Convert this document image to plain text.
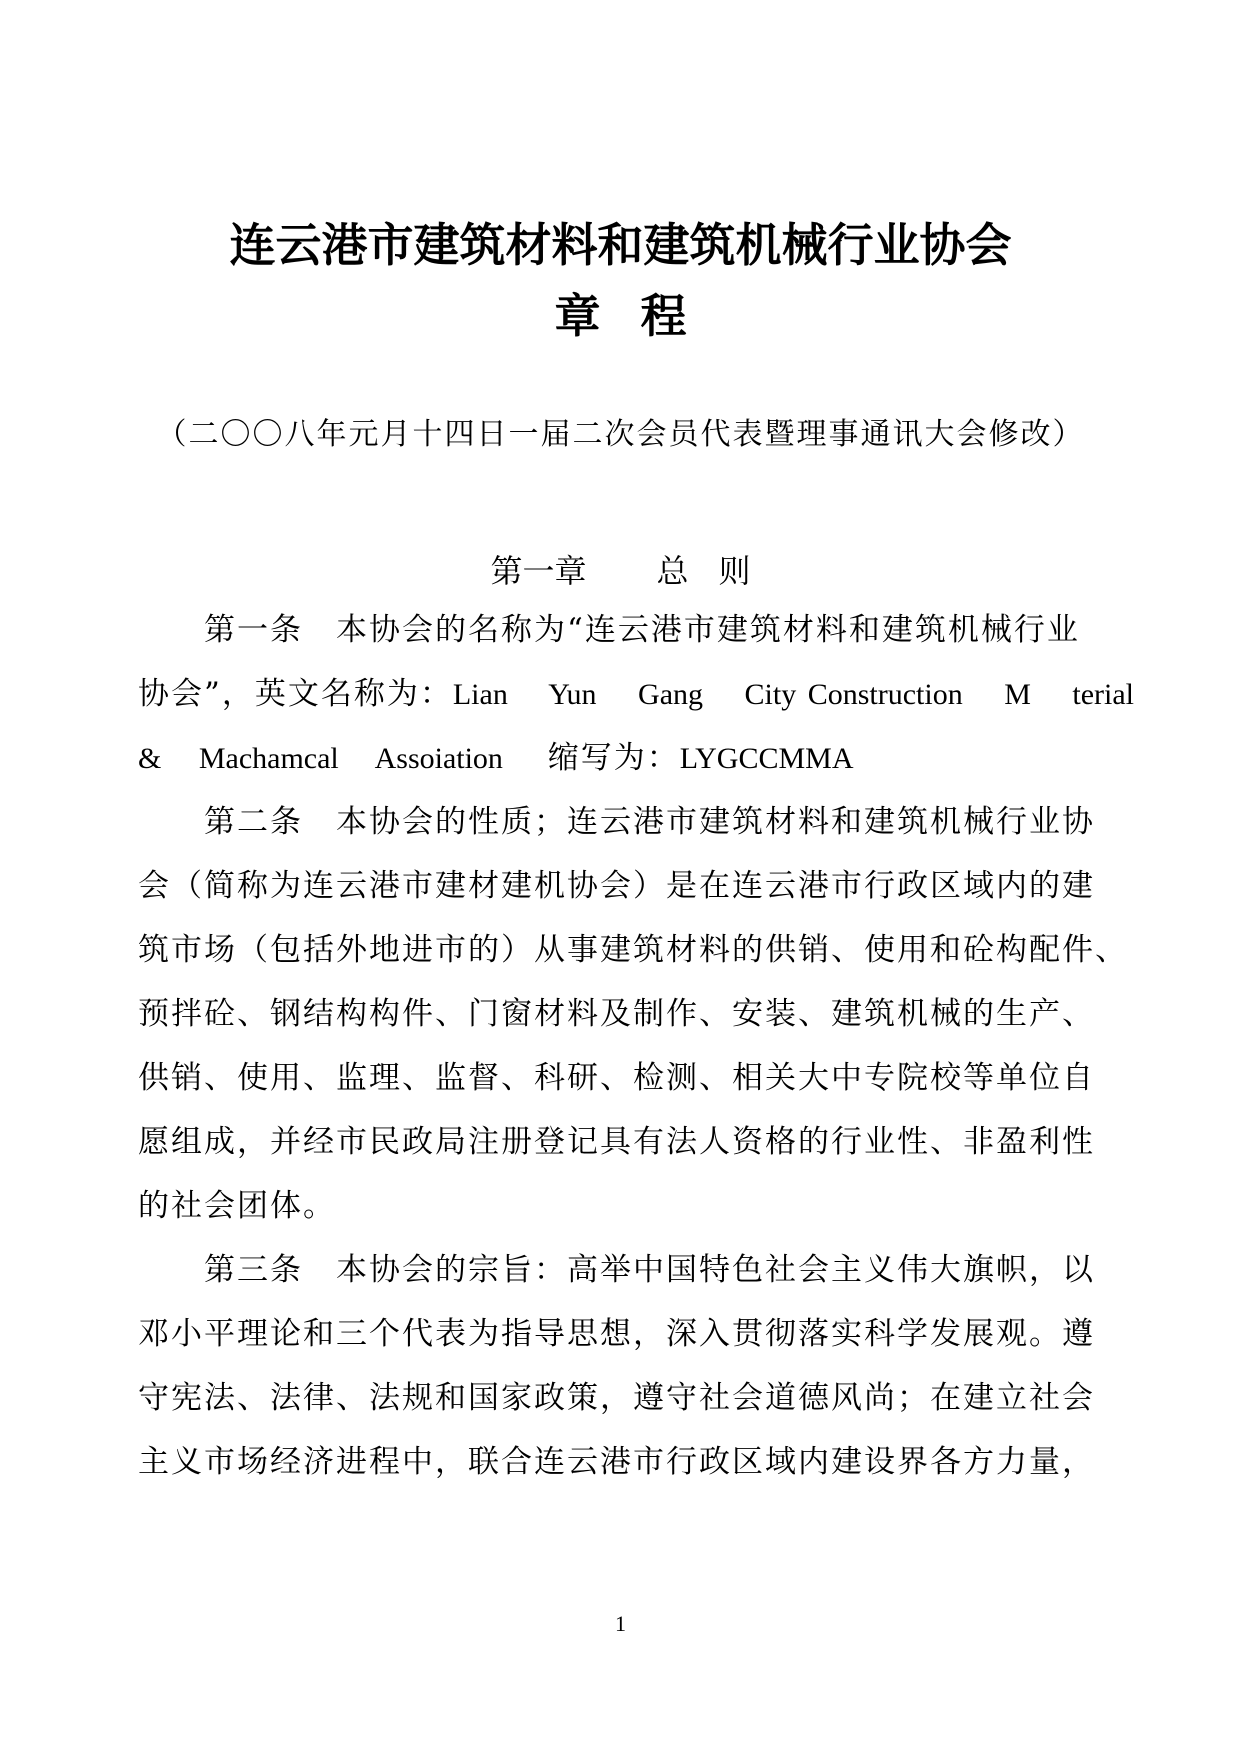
连云港市建筑材料和建筑机械行业协会
章程
（二〇〇八年元月十四日一届二次会员代表暨理事通讯大会修改）
第一章 总 则
第一条　本协会的名称为“连云港市建筑材料和建筑机械行业
协会”，英文名称为：Lian　 Yun　 Gang　 City Construction　 M　 terial
&　 Machamcal　 Assoiation　 缩写为：LYGCCMMA
第二条　本协会的性质；连云港市建筑材料和建筑机械行业协
会（简称为连云港市建材建机协会）是在连云港市行政区域内的建
筑市场（包括外地进市的）从事建筑材料的供销、使用和砼构配件、
预拌砼、钢结构构件、门窗材料及制作、安装、建筑机械的生产、
供销、使用、监理、监督、科研、检测、相关大中专院校等单位自
愿组成，并经市民政局注册登记具有法人资格的行业性、非盈利性
的社会团体。
第三条　本协会的宗旨：高举中国特色社会主义伟大旗帜，以
邓小平理论和三个代表为指导思想，深入贯彻落实科学发展观。遵
守宪法、法律、法规和国家政策，遵守社会道德风尚；在建立社会
主义市场经济进程中，联合连云港市行政区域内建设界各方力量，
1
